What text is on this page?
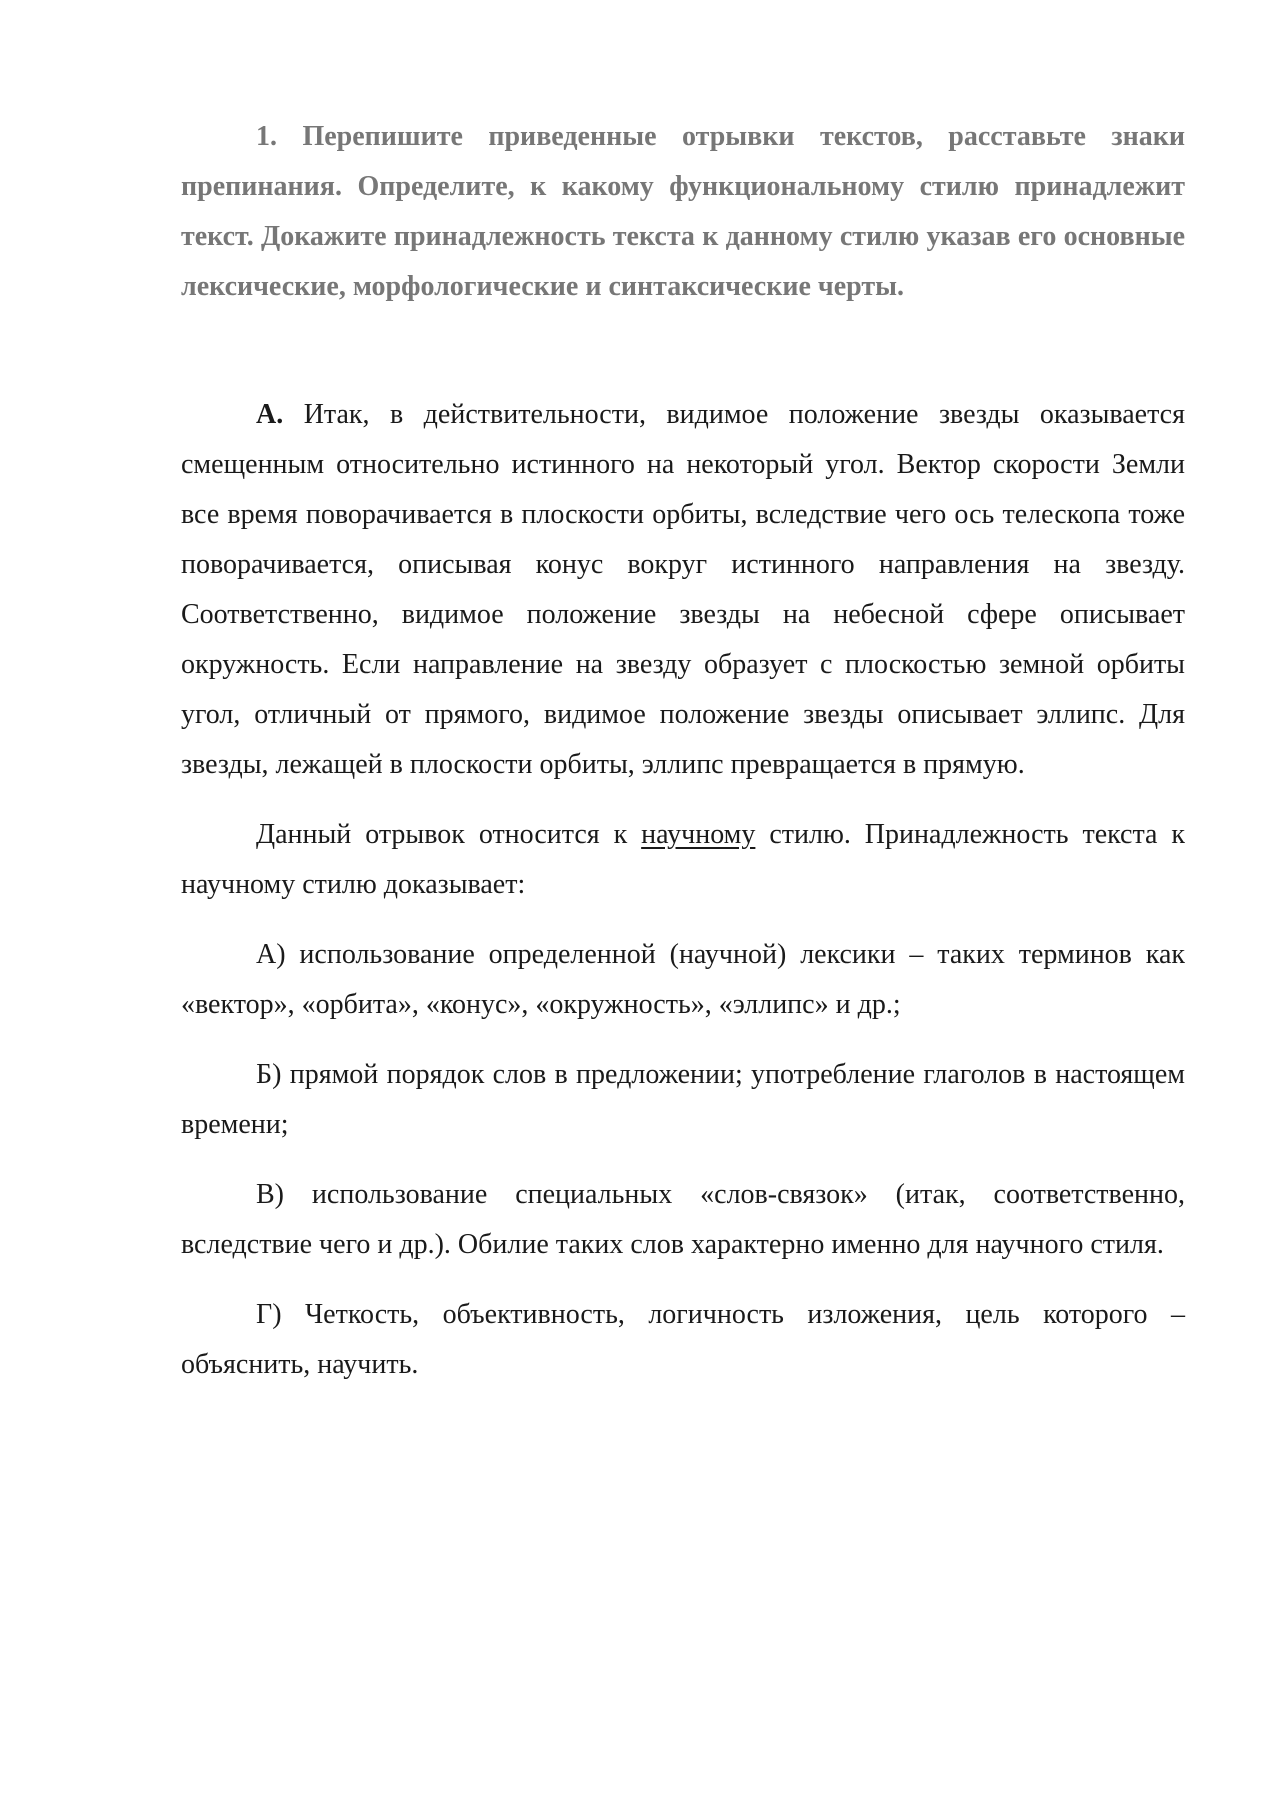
1. Перепишите приведенные отрывки текстов, расставьте знаки препинания. Определите, к какому функциональному стилю принадлежит текст. Докажите принадлежность текста к данному стилю указав его основные лексические, морфологические и синтаксические черты.

А. Итак, в действительности, видимое положение звезды оказывается смещенным относительно истинного на некоторый угол. Вектор скорости Земли все время поворачивается в плоскости орбиты, вследствие чего ось телескопа тоже поворачивается, описывая конус вокруг истинного направления на звезду. Соответственно, видимое положение звезды на небесной сфере описывает окружность. Если направление на звезду образует с плоскостью земной орбиты угол, отличный от прямого, видимое положение звезды описывает эллипс. Для звезды, лежащей в плоскости орбиты, эллипс превращается в прямую.

Данный отрывок относится к научному стилю. Принадлежность текста к научному стилю доказывает:

А) использование определенной (научной) лексики – таких терминов как «вектор», «орбита», «конус», «окружность», «эллипс» и др.;

Б) прямой порядок слов в предложении; употребление глаголов в настоящем времени;

В) использование специальных «слов-связок» (итак, соответственно, вследствие чего и др.). Обилие таких слов характерно именно для научного стиля.

Г) Четкость, объективность, логичность изложения, цель которого – объяснить, научить.
